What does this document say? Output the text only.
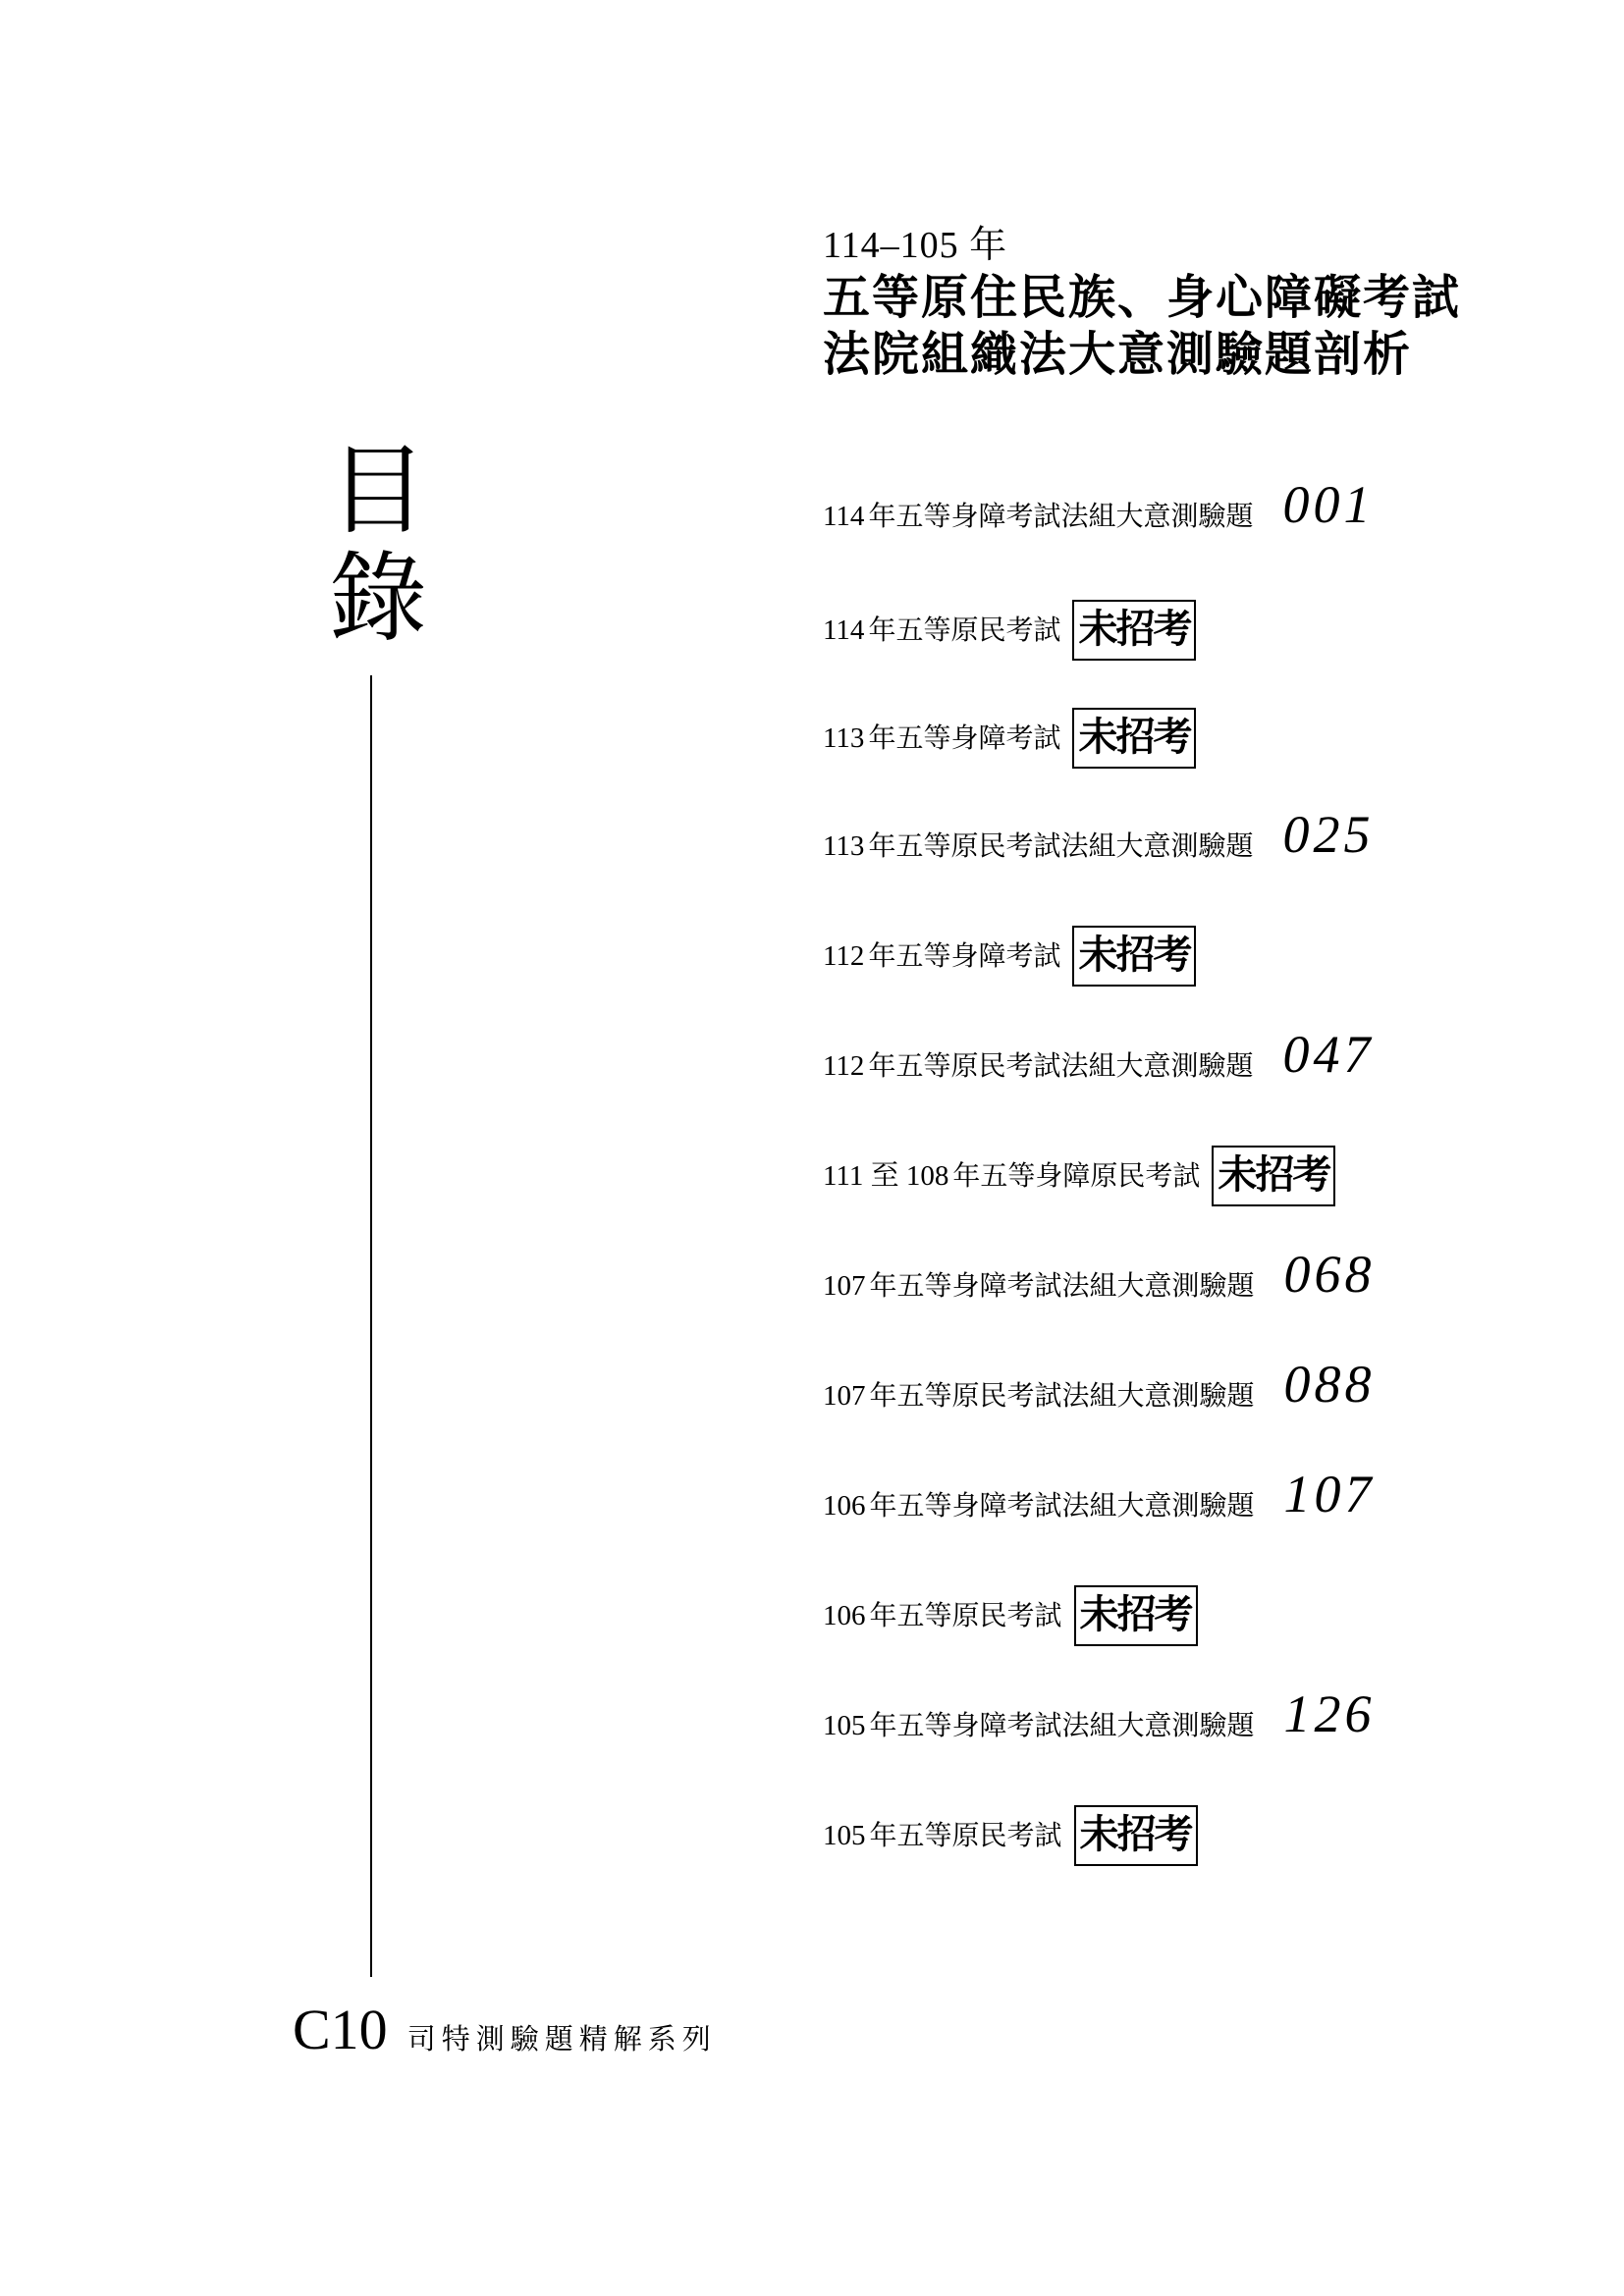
目
錄
114–105 年
五等原住民族、身心障礙考試
法院組織法大意測驗題剖析
114 年五等身障考試法組大意測驗題 001
114 年五等原民考試 未招考
113 年五等身障考試 未招考
113 年五等原民考試法組大意測驗題 025
112 年五等身障考試 未招考
112 年五等原民考試法組大意測驗題 047
111 至 108 年五等身障原民考試 未招考
107 年五等身障考試法組大意測驗題 068
107 年五等原民考試法組大意測驗題 088
106 年五等身障考試法組大意測驗題 107
106 年五等原民考試 未招考
105 年五等身障考試法組大意測驗題 126
105 年五等原民考試 未招考
C10 司特測驗題精解系列
